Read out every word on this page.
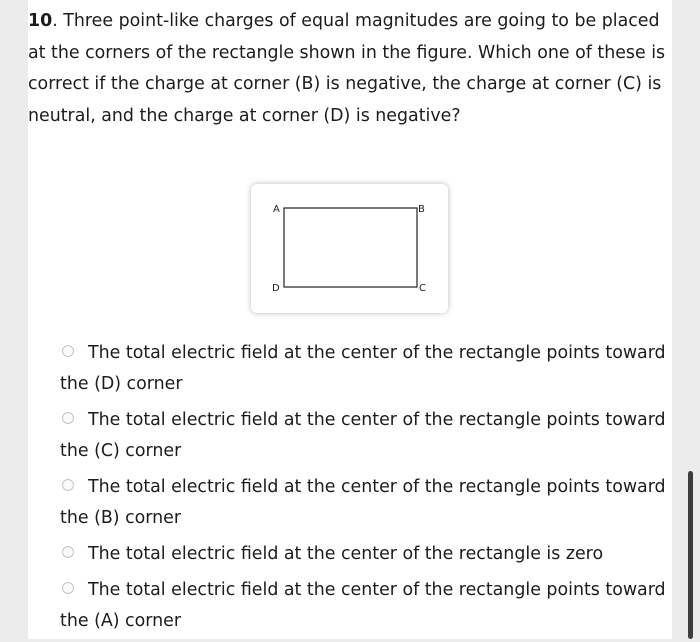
10. Three point-like charges of equal magnitudes are going to be placed at the corners of the rectangle shown in the figure. Which one of these is correct if the charge at corner (B) is negative, the charge at corner (C) is neutral, and the charge at corner (D) is negative?
A	B
C
D
The total electric field at the center of the rectangle points toward the (D) corner
The total electric field at the center of the rectangle points toward the (C) corner
The total electric field at the center of the rectangle points toward the (B) corner
The total electric field at the center of the rectangle is zero
The total electric field at the center of the rectangle points toward the (A) corner
